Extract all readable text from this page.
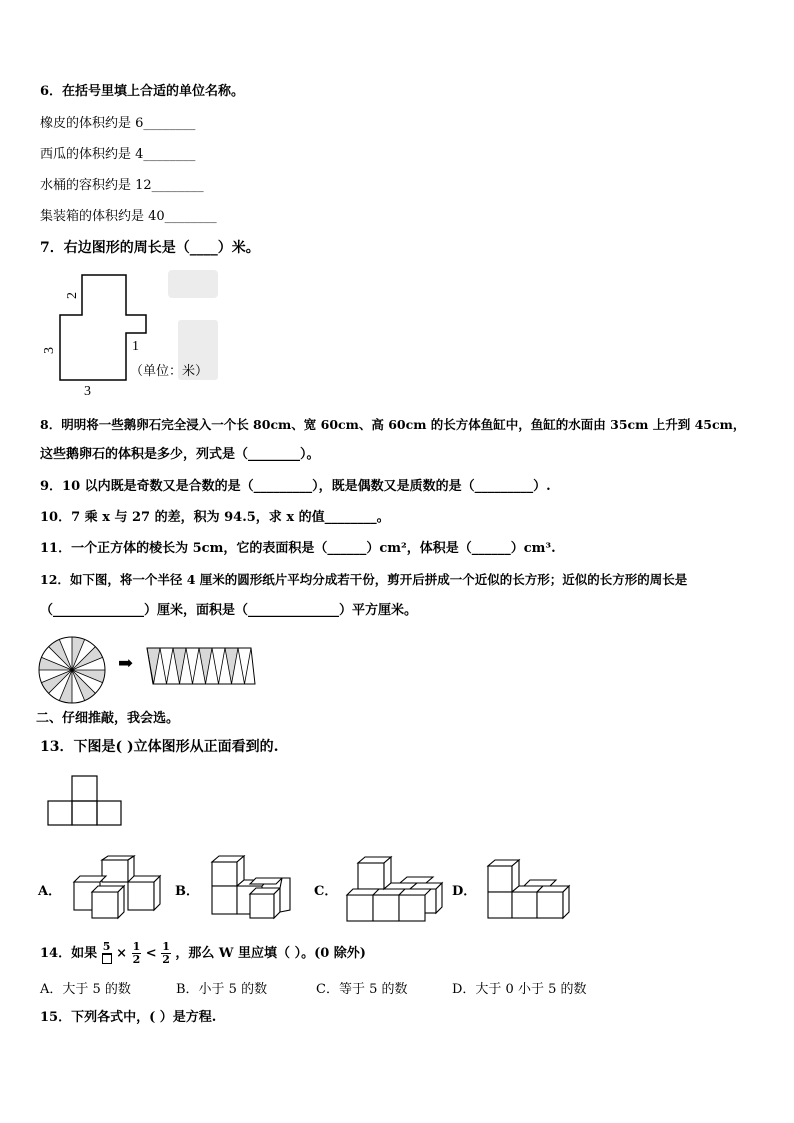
6．在括号里填上合适的单位名称。
橡皮的体积约是 6________
西瓜的体积约是 4________
水桶的容积约是 12________
集装箱的体积约是 40________
7．右边图形的周长是（____）米。
2
3	1
3
（单位：米）
8．明明将一些鹅卵石完全浸入一个长 80cm、宽 60cm、高 60cm 的长方体鱼缸中，鱼缸的水面由 35cm 上升到 45cm，
这些鹅卵石的体积是多少，列式是（________）。
9．10 以内既是奇数又是合数的是（_________），既是偶数又是质数的是（_________）.
10．7 乘 x 与 27 的差，积为 94.5，求 x 的值________。
11．一个正方体的棱长为 5cm，它的表面积是（______）cm²，体积是（______）cm³.
12．如下图，将一个半径 4 厘米的圆形纸片平均分成若干份，剪开后拼成一个近似的长方形；近似的长方形的周长是
（______________）厘米，面积是（______________）平方厘米。
➡
二、仔细推敲，我会选。
13．下图是( )立体图形从正面看到的.
A．	B．	C．	D．
14．如果 $5 \times \frac{1}{2} < \frac{1}{2}$ ，那么 W 里应填（ ）。(0 除外)
A．大于 5 的数	B．小于 5 的数	C．等于 5 的数	D．大于 0 小于 5 的数
15．下列各式中，( ）是方程.
